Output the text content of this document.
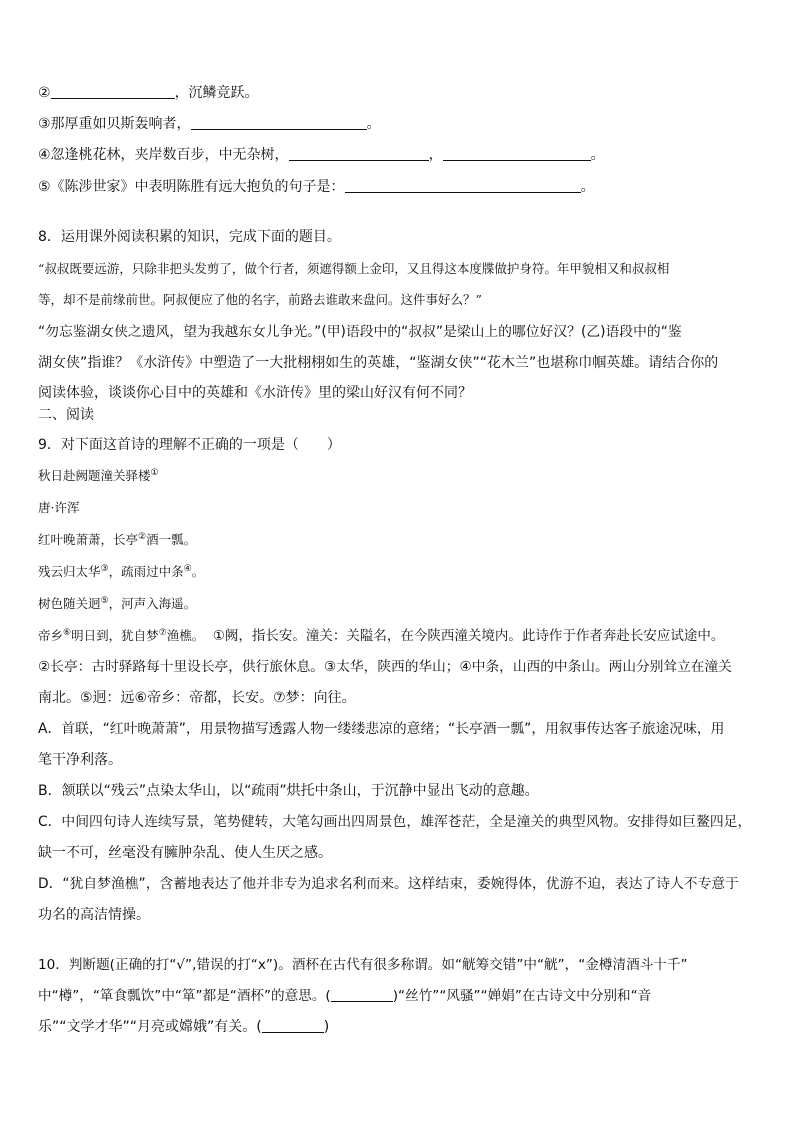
②	，沉鳞竞跃。
③那厚重如贝斯轰响者，	。
④忽逢桃花林，夹岸数百步，中无杂树，	，	。
⑤《陈涉世家》中表明陈胜有远大抱负的句子是：	。
8．运用课外阅读积累的知识，完成下面的题目。
“叔叔既要远游，只除非把头发剪了，做个行者，须遮得额上金印，又且得这本度牒做护身符。年甲貌相又和叔叔相
等，却不是前缘前世。阿叔便应了他的名字，前路去谁敢来盘问。这件事好么？”
“勿忘鉴湖女侠之遗风，望为我越东女儿争光。”(甲)语段中的“叔叔”是梁山上的哪位好汉？(乙)语段中的“鉴
湖女侠”指谁？《水浒传》中塑造了一大批栩栩如生的英雄，“鉴湖女侠”“花木兰”也堪称巾帼英雄。请结合你的
阅读体验，谈谈你心目中的英雄和《水浒传》里的梁山好汉有何不同？
二、阅读
9．对下面这首诗的理解不正确的一项是（　　）
秋日赴阙题潼关驿楼①
唐·许浑
红叶晚萧萧，长亭②酒一瓢。
残云归太华③，疏雨过中条④。
树色随关迥⑤，河声入海遥。
帝乡⑥明日到，犹自梦⑦渔樵。 ①阙，指长安。潼关：关隘名，在今陕西潼关境内。此诗作于作者奔赴长安应试途中。
②长亭：古时驿路每十里设长亭，供行旅休息。③太华，陕西的华山；④中条，山西的中条山。两山分别耸立在潼关
南北。⑤迥：远⑥帝乡：帝都，长安。⑦梦：向往。
A．首联，“红叶晚萧萧”，用景物描写透露人物一缕缕悲凉的意绪；“长亭酒一瓢”，用叙事传达客子旅途况味，用
笔干净利落。
B．颔联以“残云”点染太华山，以“疏雨”烘托中条山，于沉静中显出飞动的意趣。
C．中间四句诗人连续写景，笔势健转，大笔勾画出四周景色，雄浑苍茫，全是潼关的典型风物。安排得如巨鳌四足，
缺一不可，丝毫没有臃肿杂乱、使人生厌之感。
D．“犹自梦渔樵”，含蓄地表达了他并非专为追求名利而来。这样结束，委婉得体，优游不迫，表达了诗人不专意于
功名的高洁情操。
10．判断题(正确的打“√”,错误的打“x”)。酒杯在古代有很多称谓。如“觥筹交错”中“觥”，“金樽清酒斗十千”
中“樽”，“箪食瓢饮”中“箪”都是“酒杯”的意思。(	)“丝竹”“风骚”“婵娟”在古诗文中分别和“音
乐”“文学才华”“月亮或嫦娥”有关。(	)
